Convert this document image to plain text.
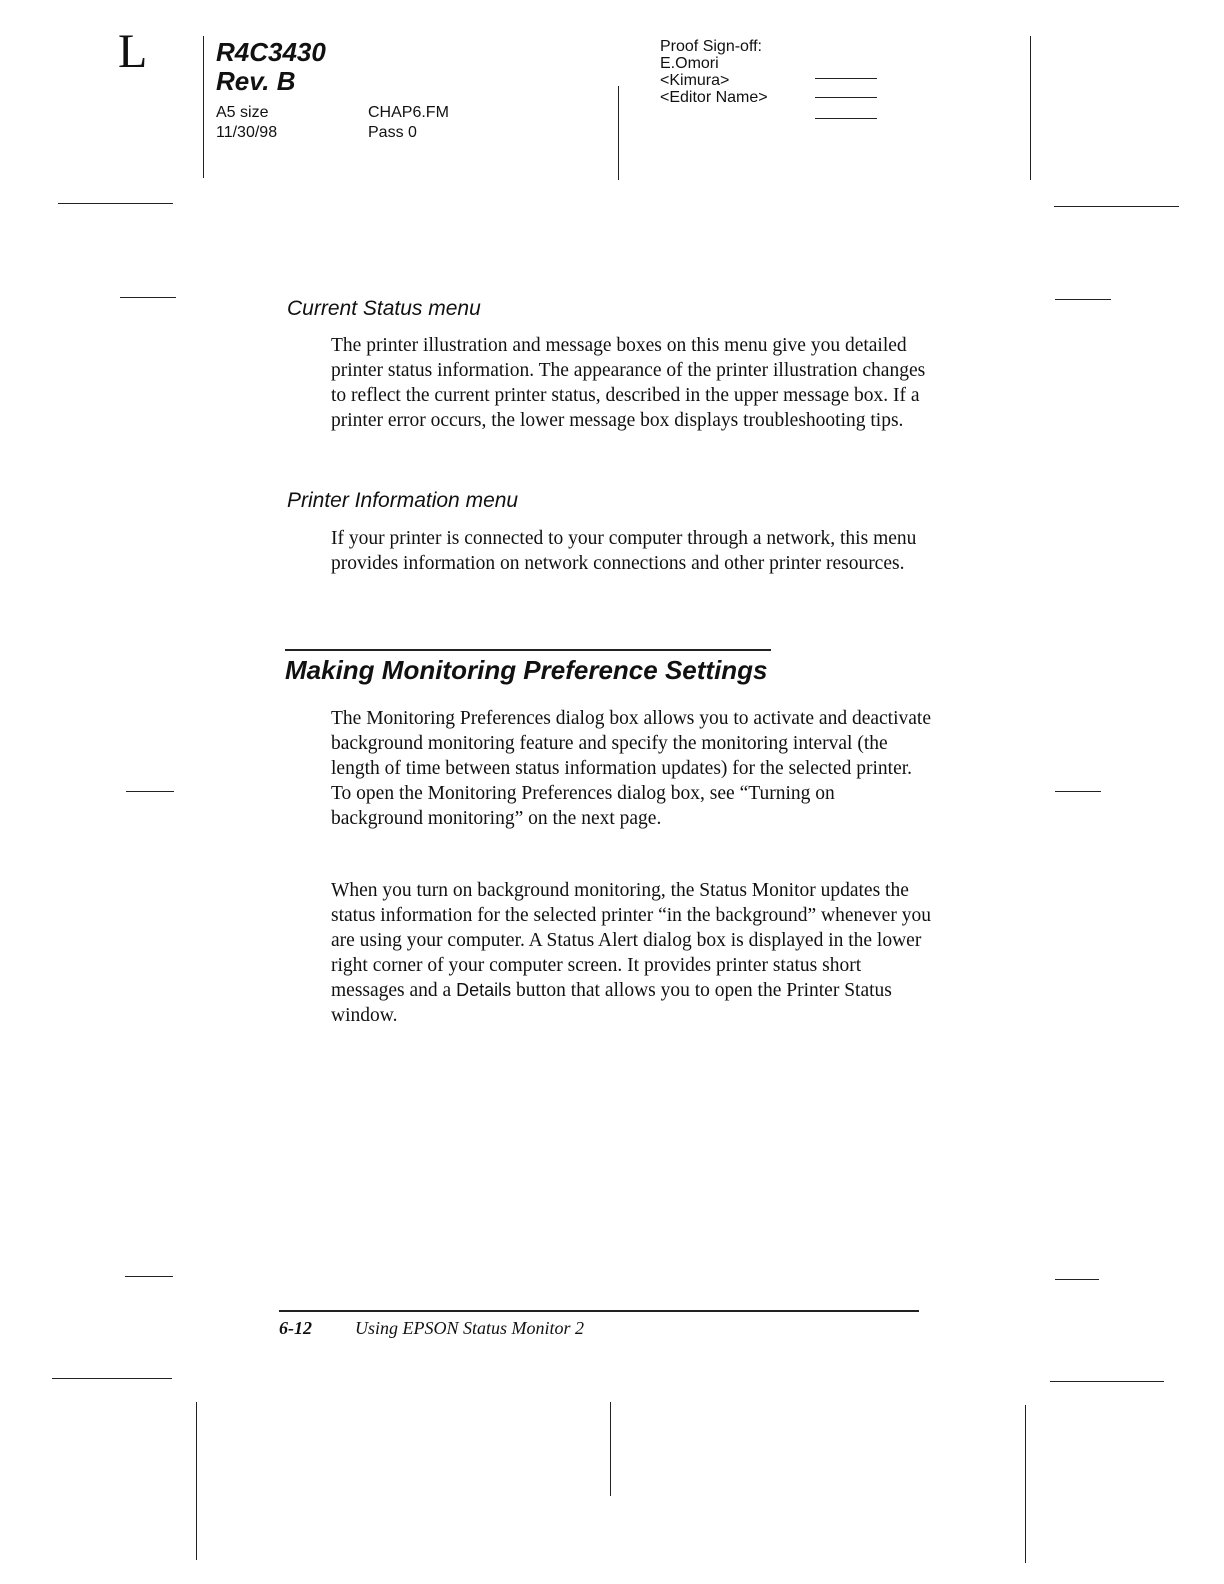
L	R4C3430
Rev. B
A5 size
11/30/98
CHAP6.FM
Pass 0
Proof Sign-off:
E.Omori
<Kimura>
<Editor Name>
Current Status menu

The printer illustration and message boxes on this menu give you detailed printer status information. The appearance of the printer illustration changes to reflect the current printer status, described in the upper message box. If a printer error occurs, the lower message box displays troubleshooting tips.

Printer Information menu

If your printer is connected to your computer through a network, this menu provides information on network connections and other printer resources.

Making Monitoring Preference Settings

The Monitoring Preferences dialog box allows you to activate and deactivate background monitoring feature and specify the monitoring interval (the length of time between status information updates) for the selected printer. To open the Monitoring Preferences dialog box, see “Turning on background monitoring” on the next page.

When you turn on background monitoring, the Status Monitor updates the status information for the selected printer “in the background” whenever you are using your computer. A Status Alert dialog box is displayed in the lower right corner of your computer screen. It provides printer status short messages and a Details button that allows you to open the Printer Status window.

6-12 Using EPSON Status Monitor 2
